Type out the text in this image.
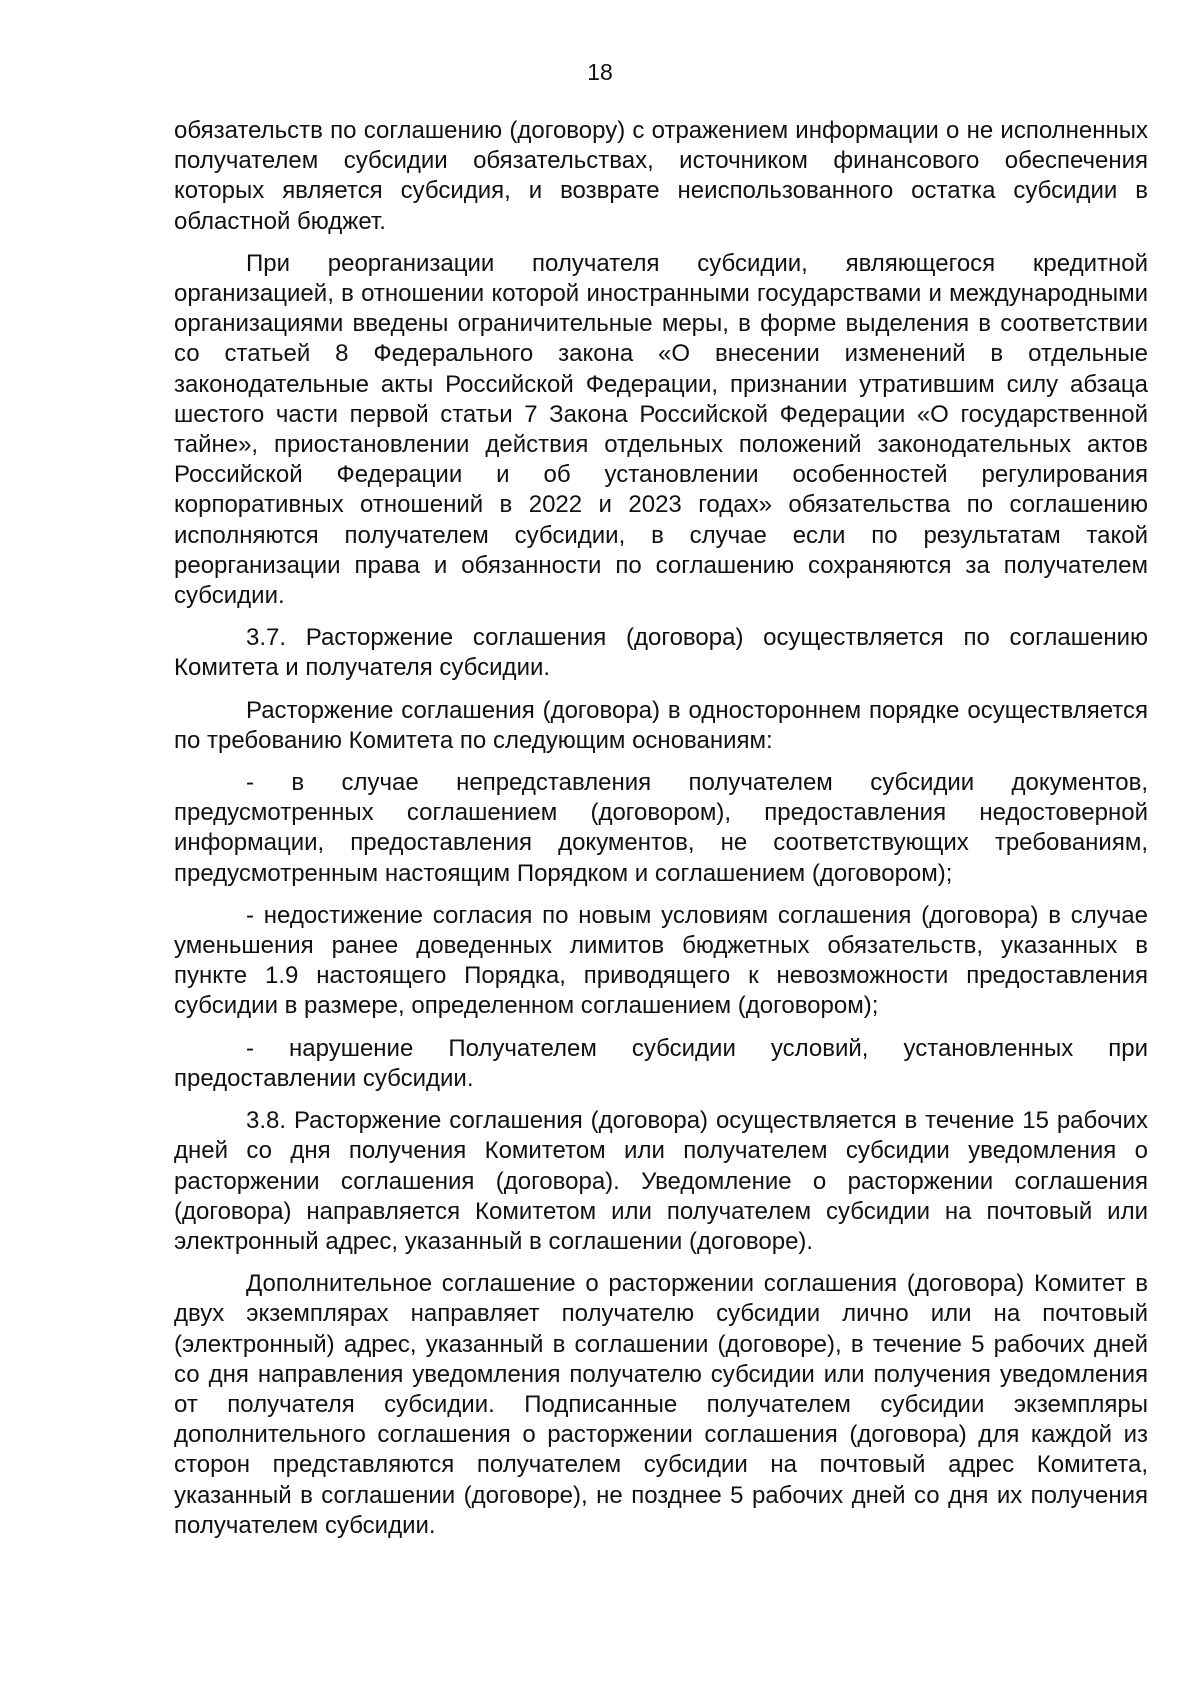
18

обязательств по соглашению (договору) с отражением информации о не исполненных получателем субсидии обязательствах, источником финансового обеспечения которых является субсидия, и возврате неиспользованного остатка субсидии в областной бюджет.

При реорганизации получателя субсидии, являющегося кредитной организацией, в отношении которой иностранными государствами и международными организациями введены ограничительные меры, в форме выделения в соответствии со статьей 8 Федерального закона «О внесении изменений в отдельные законодательные акты Российской Федерации, признании утратившим силу абзаца шестого части первой статьи 7 Закона Российской Федерации «О государственной тайне», приостановлении действия отдельных положений законодательных актов Российской Федерации и об установлении особенностей регулирования корпоративных отношений в 2022 и 2023 годах» обязательства по соглашению исполняются получателем субсидии, в случае если по результатам такой реорганизации права и обязанности по соглашению сохраняются за получателем субсидии.

3.7. Расторжение соглашения (договора) осуществляется по соглашению Комитета и получателя субсидии.

Расторжение соглашения (договора) в одностороннем порядке осуществляется по требованию Комитета по следующим основаниям:

- в случае непредставления получателем субсидии документов, предусмотренных соглашением (договором), предоставления недостоверной информации, предоставления документов, не соответствующих требованиям, предусмотренным настоящим Порядком и соглашением (договором);

- недостижение согласия по новым условиям соглашения (договора) в случае уменьшения ранее доведенных лимитов бюджетных обязательств, указанных в пункте 1.9 настоящего Порядка, приводящего к невозможности предоставления субсидии в размере, определенном соглашением (договором);

- нарушение Получателем субсидии условий, установленных при предоставлении субсидии.

3.8. Расторжение соглашения (договора) осуществляется в течение 15 рабочих дней со дня получения Комитетом или получателем субсидии уведомления о расторжении соглашения (договора). Уведомление о расторжении соглашения (договора) направляется Комитетом или получателем субсидии на почтовый или электронный адрес, указанный в соглашении (договоре).

Дополнительное соглашение о расторжении соглашения (договора) Комитет в двух экземплярах направляет получателю субсидии лично или на почтовый (электронный) адрес, указанный в соглашении (договоре), в течение 5 рабочих дней со дня направления уведомления получателю субсидии или получения уведомления от получателя субсидии. Подписанные получателем субсидии экземпляры дополнительного соглашения о расторжении соглашения (договора) для каждой из сторон представляются получателем субсидии на почтовый адрес Комитета, указанный в соглашении (договоре), не позднее 5 рабочих дней со дня их получения получателем субсидии.
